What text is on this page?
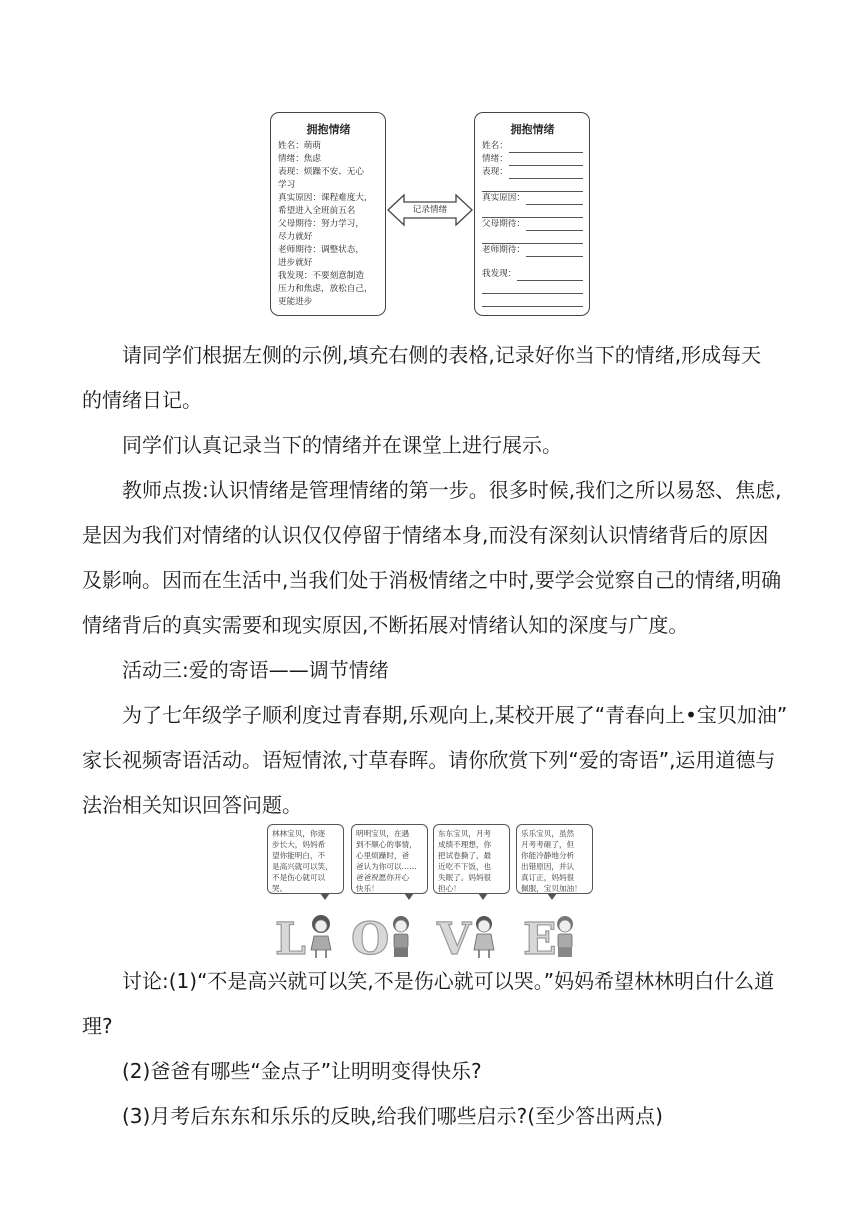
拥抱情绪
姓名：萌萌
情绪：焦虑
表现：烦躁不安、无心
学习
真实原因：课程难度大，
希望进入全班前五名
父母期待：努力学习，
尽力就好
老师期待：调整状态，
进步就好
我发现：不要刻意制造
压力和焦虑，放松自己，
更能进步
记录情绪
拥抱情绪
姓名：
情绪：
表现：
真实原因：
父母期待：
老师期待：
我发现：
请同学们根据左侧的示例,填充右侧的表格,记录好你当下的情绪,形成每天
的情绪日记。
同学们认真记录当下的情绪并在课堂上进行展示。
教师点拨:认识情绪是管理情绪的第一步。很多时候,我们之所以易怒、焦虑,
是因为我们对情绪的认识仅仅停留于情绪本身,而没有深刻认识情绪背后的原因
及影响。因而在生活中,当我们处于消极情绪之中时,要学会觉察自己的情绪,明确
情绪背后的真实需要和现实原因,不断拓展对情绪认知的深度与广度。
活动三:爱的寄语——调节情绪
为了七年级学子顺利度过青春期,乐观向上,某校开展了“青春向上•宝贝加油”
家长视频寄语活动。语短情浓,寸草春晖。请你欣赏下列“爱的寄语”,运用道德与
法治相关知识回答问题。
林林宝贝，你逐
步长大，妈妈希
望你能明白，不
是高兴就可以笑，
不是伤心就可以
哭。
明明宝贝，在遇
到不顺心的事情，
心里烦躁时，爸
爸认为你可以……
爸爸祝愿你开心
快乐！
东东宝贝，月考
成绩不理想，你
把试卷撕了，最
近吃不下饭，也
失眠了。妈妈很
担心！
乐乐宝贝，虽然
月考考砸了，但
你能冷静地分析
出错原因，并认
真订正，妈妈很
佩服，宝贝加油！
L O V E
讨论:(1)“不是高兴就可以笑,不是伤心就可以哭。”妈妈希望林林明白什么道
理?
(2)爸爸有哪些“金点子”让明明变得快乐?
(3)月考后东东和乐乐的反映,给我们哪些启示?(至少答出两点)
